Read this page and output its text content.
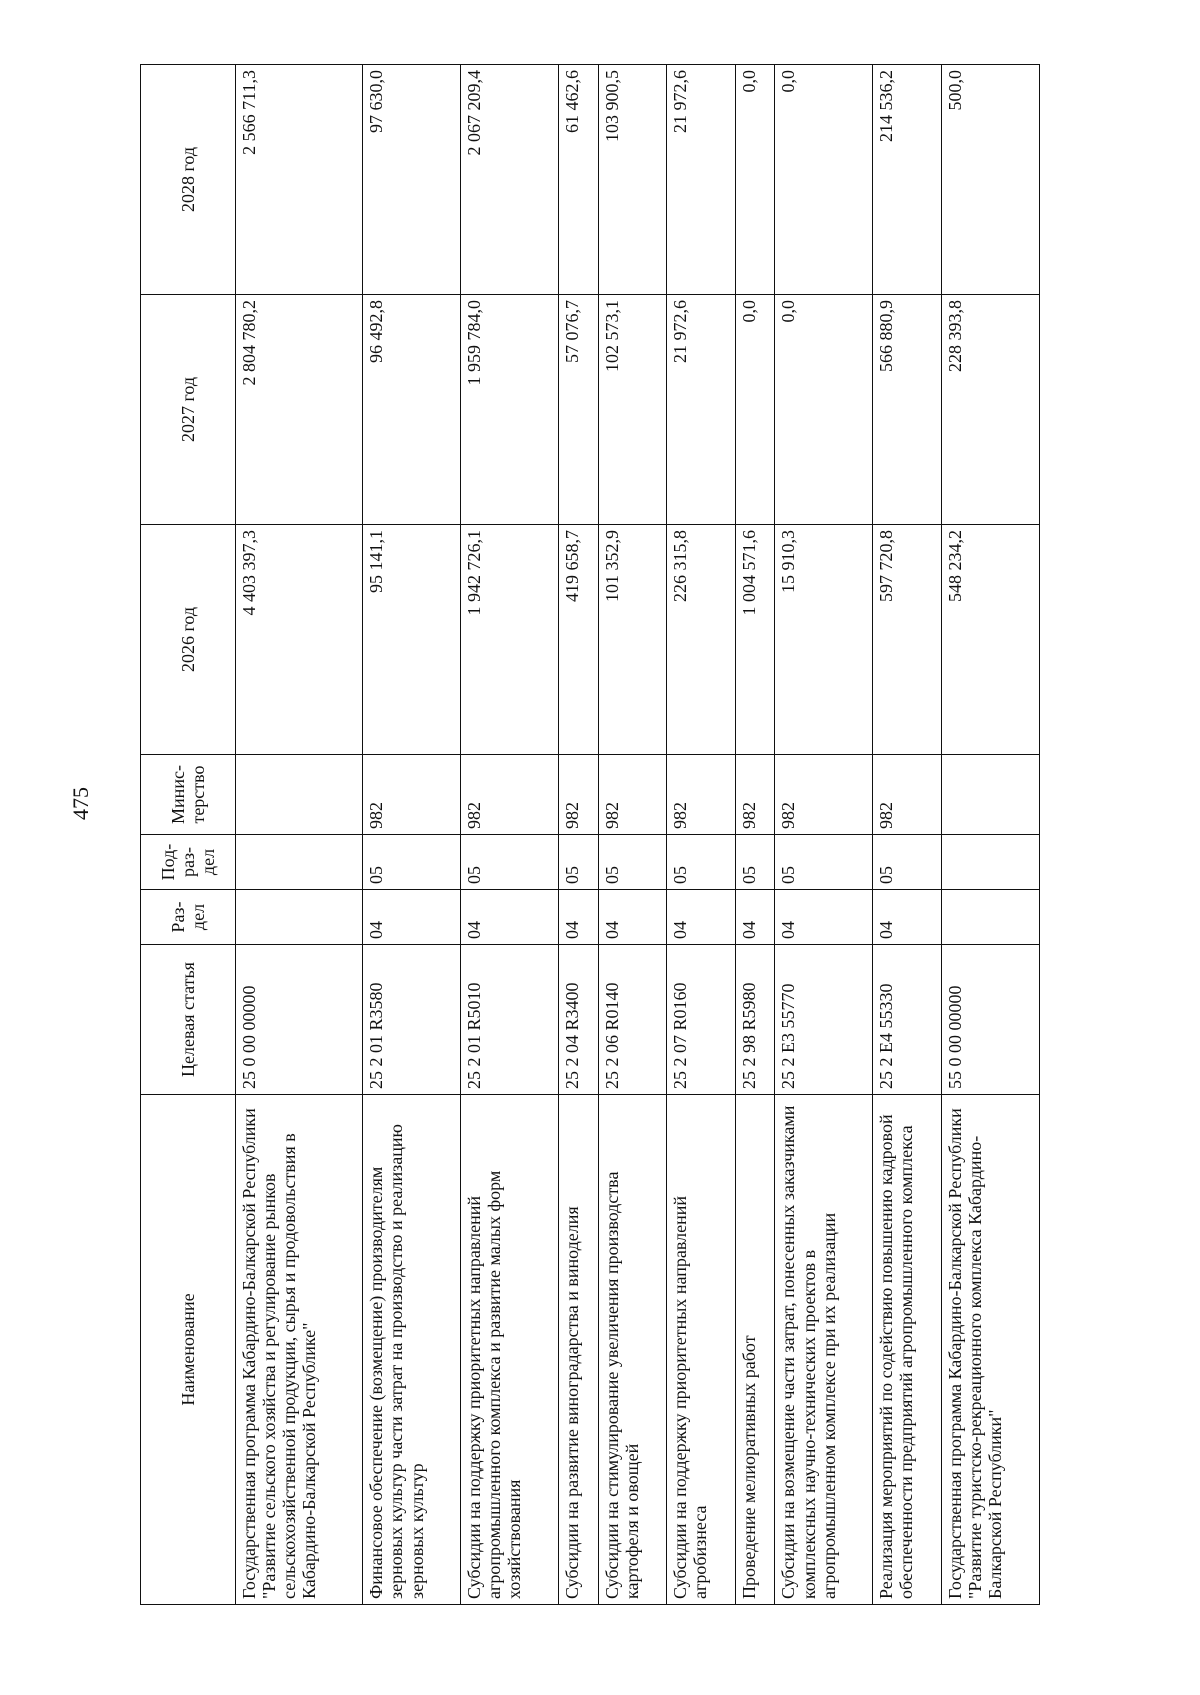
475
Наименование	Целевая статья	Раз-дел	Под-раз-дел	Минис-терство	2026 год	2027 год	2028 год
Государственная программа Кабардино-Балкарской Республики "Развитие сельского хозяйства и регулирование рынков сельскохозяйственной продукции, сырья и продовольствия в Кабардино-Балкарской Республике"	25 0 00 00000				4 403 397,3	2 804 780,2	2 566 711,3
Финансовое обеспечение (возмещение) производителям зерновых культур части затрат на производство и реализацию зерновых культур	25 2 01 R3580	04	05	982	95 141,1	96 492,8	97 630,0
Субсидии на поддержку приоритетных направлений агропромышленного комплекса и развитие малых форм хозяйствования	25 2 01 R5010	04	05	982	1 942 726,1	1 959 784,0	2 067 209,4
Субсидии на развитие виноградарства и виноделия	25 2 04 R3400	04	05	982	419 658,7	57 076,7	61 462,6
Субсидии на стимулирование увеличения производства картофеля и овощей	25 2 06 R0140	04	05	982	101 352,9	102 573,1	103 900,5
Субсидии на поддержку приоритетных направлений агробизнеса	25 2 07 R0160	04	05	982	226 315,8	21 972,6	21 972,6
Проведение мелиоративных работ	25 2 98 R5980	04	05	982	1 004 571,6	0,0	0,0
Субсидии на возмещение части затрат, понесенных заказчиками комплексных научно-технических проектов в агропромышленном комплексе при их реализации	25 2 Е3 55770	04	05	982	15 910,3	0,0	0,0
Реализация мероприятий по содействию повышению кадровой обеспеченности предприятий агропромышленного комплекса	25 2 Е4 55330	04	05	982	597 720,8	566 880,9	214 536,2
Государственная программа Кабардино-Балкарской Республики "Развитие туристско-рекреационного комплекса Кабардино-Балкарской Республики"	55 0 00 00000				548 234,2	228 393,8	500,0
